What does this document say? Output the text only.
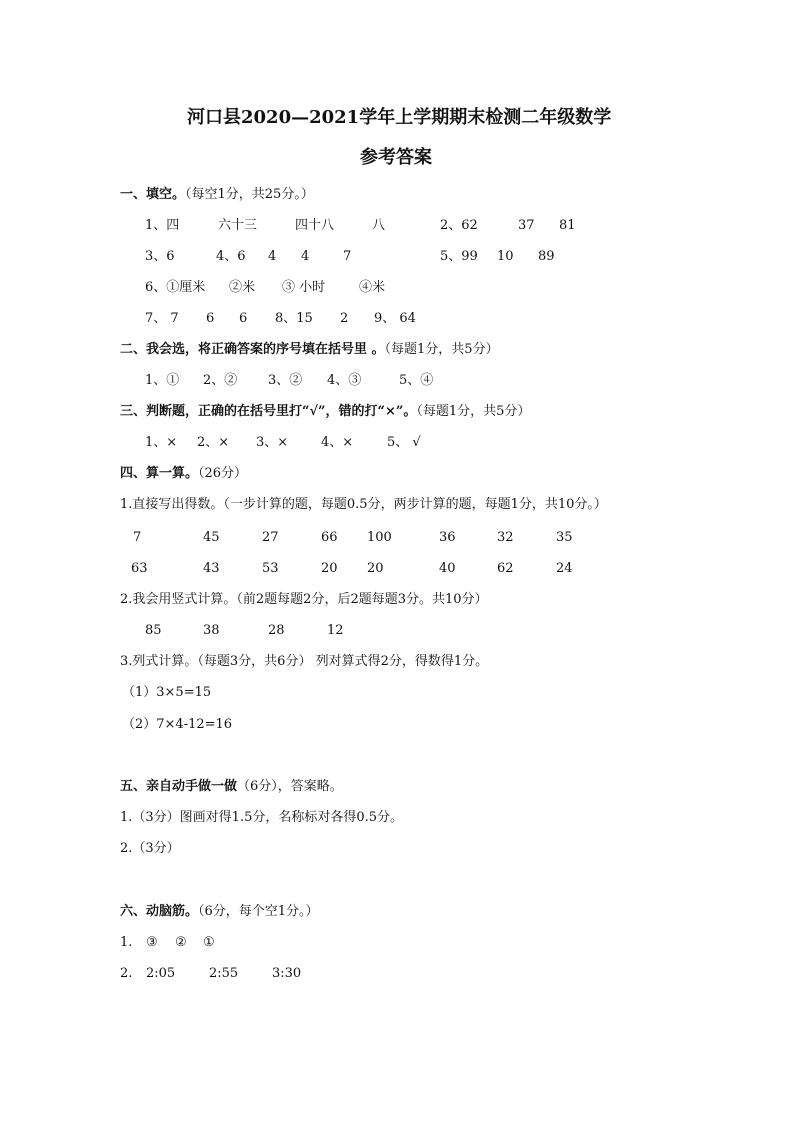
河口县2020—2021学年上学期期末检测二年级数学
参考答案
一、填空。（每空1分，共25分。）
1、四	六十三	四十八	八	2、62	37 81
3、6	4、6 4 4	7	5、99 10 89
6、①厘米 ②米 ③ 小时	④米
7、 7 6 6 8、15 2 9、 64
二、我会选，将正确答案的序号填在括号里 。（每题1分，共5分）
1、① 2、② 3、② 4、③	5、④
三、判断题，正确的在括号里打“√”，错的打“×”。（每题1分，共5分）
1、× 2、× 3、×	4、×	5、 √
四、算一算。（26分）
1.直接写出得数。（一步计算的题，每题0.5分，两步计算的题，每题1分，共10分。）
7	45	27	66 100	36	32	35
63	43	53	20 20	40	62	24
2.我会用竖式计算。（前2题每题2分，后2题每题3分。共10分）
85	38	28	12
3.列式计算。（每题3分，共6分） 列对算式得2分，得数得1分。
（1）3×5=15
（2）7×4-12=16
五、亲自动手做一做（6分），答案略。
1.（3分）图画对得1.5分，名称标对各得0.5分。
2.（3分）
六、动脑筋。（6分，每个空1分。）
1. ③ ② ①
2. 2:05	2:55	3:30
